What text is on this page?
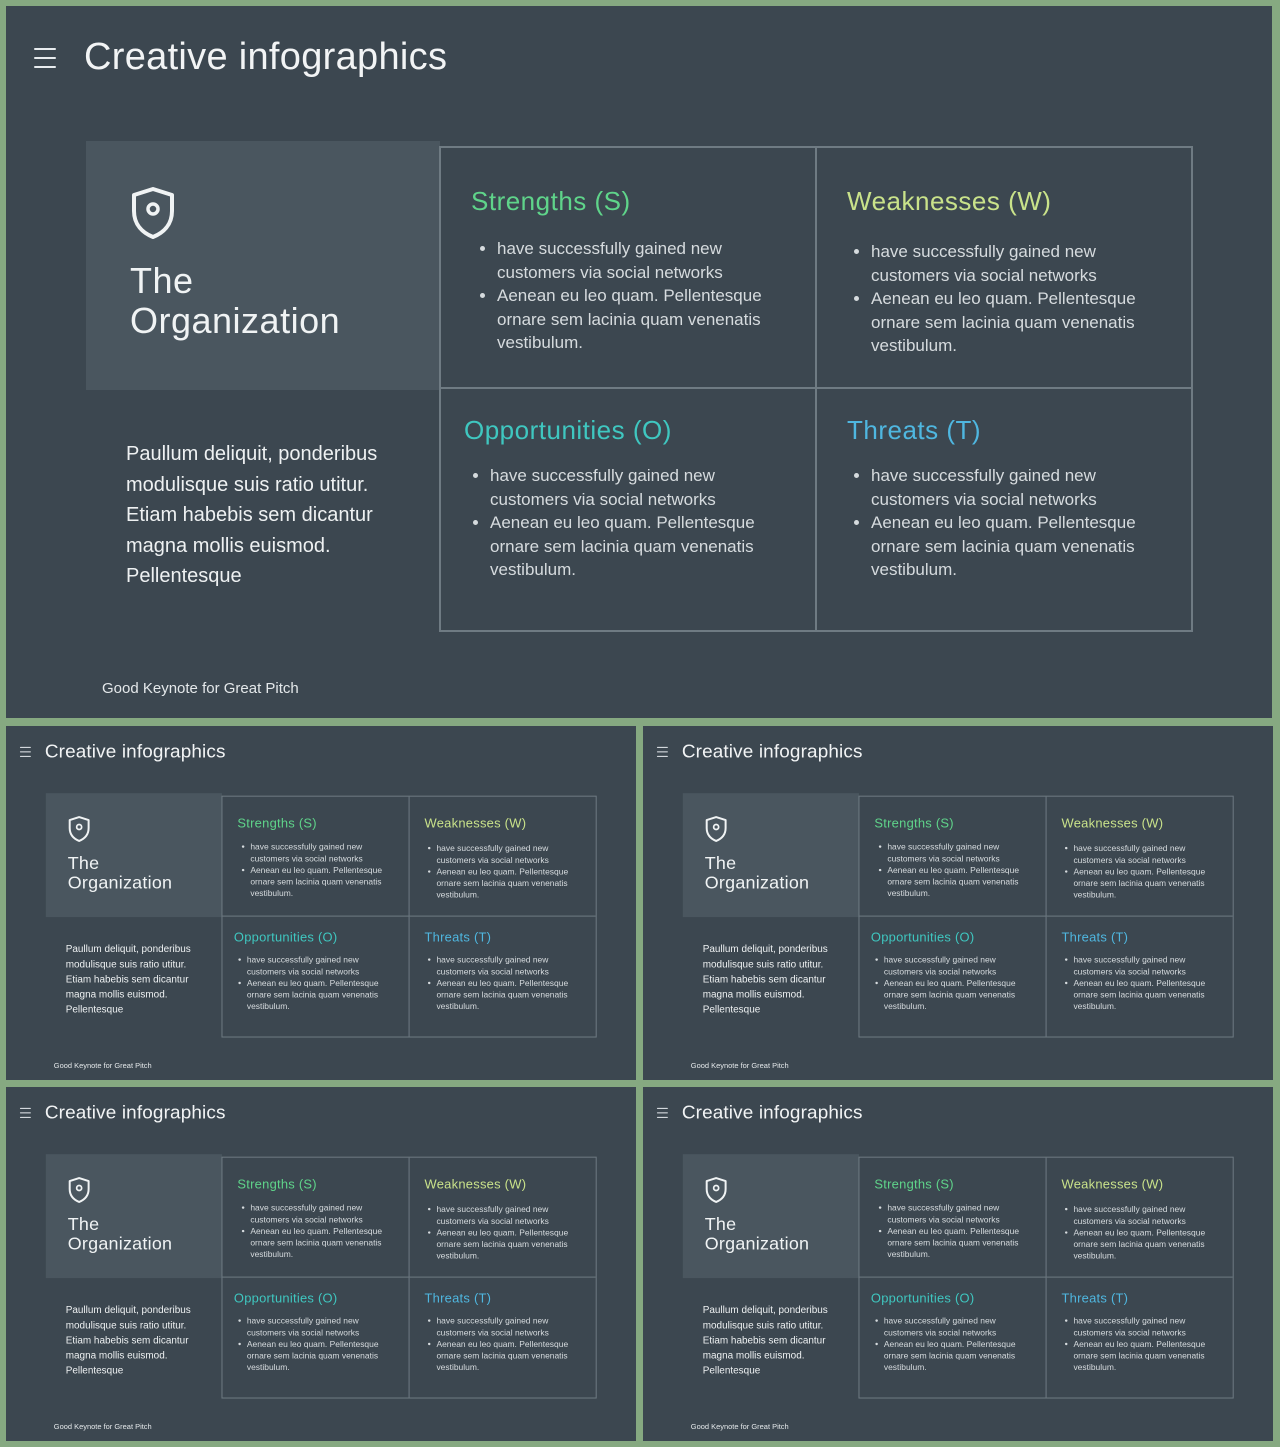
Creative infographics
The
Organization
Paullum deliquit, ponderibus modulisque suis ratio utitur. Etiam habebis sem dicantur magna mollis euismod. Pellentesque
Strengths (S)
• have successfully gained new customers via social networks
• Aenean eu leo quam. Pellentesque ornare sem lacinia quam venenatis vestibulum.
Weaknesses (W)
• have successfully gained new customers via social networks
• Aenean eu leo quam. Pellentesque ornare sem lacinia quam venenatis vestibulum.
Opportunities (O)
• have successfully gained new customers via social networks
• Aenean eu leo quam. Pellentesque ornare sem lacinia quam venenatis vestibulum.
Threats (T)
• have successfully gained new customers via social networks
• Aenean eu leo quam. Pellentesque ornare sem lacinia quam venenatis vestibulum.
Good Keynote for Great Pitch
Creative infographics
The
Organization
Paullum deliquit, ponderibus modulisque suis ratio utitur. Etiam habebis sem dicantur magna mollis euismod. Pellentesque
Strengths (S)
• have successfully gained new customers via social networks
• Aenean eu leo quam. Pellentesque ornare sem lacinia quam venenatis vestibulum.
Weaknesses (W)
• have successfully gained new customers via social networks
• Aenean eu leo quam. Pellentesque ornare sem lacinia quam venenatis vestibulum.
Opportunities (O)
• have successfully gained new customers via social networks
• Aenean eu leo quam. Pellentesque ornare sem lacinia quam venenatis vestibulum.
Threats (T)
• have successfully gained new customers via social networks
• Aenean eu leo quam. Pellentesque ornare sem lacinia quam venenatis vestibulum.
Good Keynote for Great Pitch
Creative infographics
The
Organization
Paullum deliquit, ponderibus modulisque suis ratio utitur. Etiam habebis sem dicantur magna mollis euismod. Pellentesque
Strengths (S)
• have successfully gained new customers via social networks
• Aenean eu leo quam. Pellentesque ornare sem lacinia quam venenatis vestibulum.
Weaknesses (W)
• have successfully gained new customers via social networks
• Aenean eu leo quam. Pellentesque ornare sem lacinia quam venenatis vestibulum.
Opportunities (O)
• have successfully gained new customers via social networks
• Aenean eu leo quam. Pellentesque ornare sem lacinia quam venenatis vestibulum.
Threats (T)
• have successfully gained new customers via social networks
• Aenean eu leo quam. Pellentesque ornare sem lacinia quam venenatis vestibulum.
Good Keynote for Great Pitch
Creative infographics
The
Organization
Paullum deliquit, ponderibus modulisque suis ratio utitur. Etiam habebis sem dicantur magna mollis euismod. Pellentesque
Strengths (S)
• have successfully gained new customers via social networks
• Aenean eu leo quam. Pellentesque ornare sem lacinia quam venenatis vestibulum.
Weaknesses (W)
• have successfully gained new customers via social networks
• Aenean eu leo quam. Pellentesque ornare sem lacinia quam venenatis vestibulum.
Opportunities (O)
• have successfully gained new customers via social networks
• Aenean eu leo quam. Pellentesque ornare sem lacinia quam venenatis vestibulum.
Threats (T)
• have successfully gained new customers via social networks
• Aenean eu leo quam. Pellentesque ornare sem lacinia quam venenatis vestibulum.
Good Keynote for Great Pitch
Creative infographics
The
Organization
Paullum deliquit, ponderibus modulisque suis ratio utitur. Etiam habebis sem dicantur magna mollis euismod. Pellentesque
Strengths (S)
• have successfully gained new customers via social networks
• Aenean eu leo quam. Pellentesque ornare sem lacinia quam venenatis vestibulum.
Weaknesses (W)
• have successfully gained new customers via social networks
• Aenean eu leo quam. Pellentesque ornare sem lacinia quam venenatis vestibulum.
Opportunities (O)
• have successfully gained new customers via social networks
• Aenean eu leo quam. Pellentesque ornare sem lacinia quam venenatis vestibulum.
Threats (T)
• have successfully gained new customers via social networks
• Aenean eu leo quam. Pellentesque ornare sem lacinia quam venenatis vestibulum.
Good Keynote for Great Pitch
